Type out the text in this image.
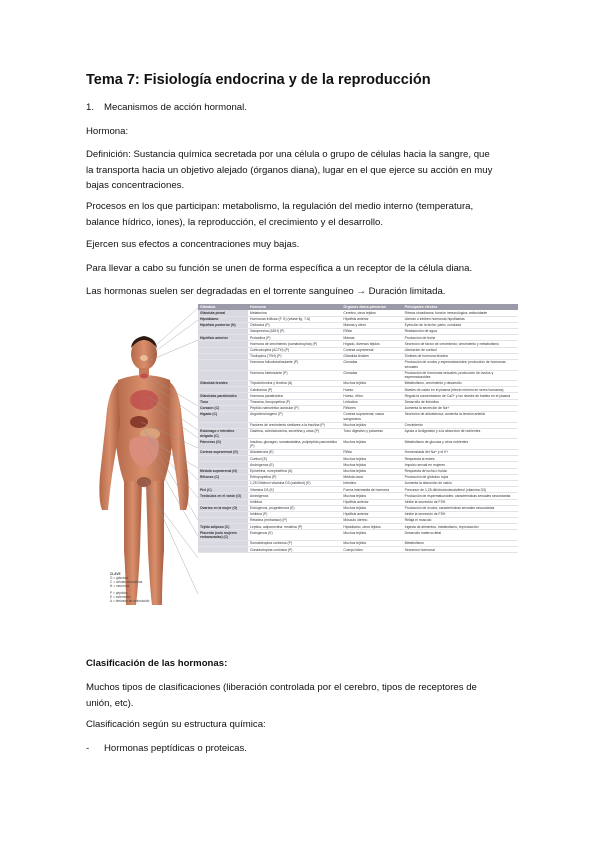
Tema 7: Fisiología endocrina y de la reproducción
1. Mecanismos de acción hormonal.
Hormona:
Definición: Sustancia química secretada por una célula o grupo de células hacia la sangre, que
la transporta hacia un objetivo alejado (órganos diana), lugar en el que ejerce su acción en muy
bajas concentraciones.
Procesos en los que participan: metabolismo, la regulación del medio interno (temperatura,
balance hídrico, iones), la reproducción, el crecimiento y el desarrollo.
Ejercen sus efectos a concentraciones muy bajas.
Para llevar a cabo su función se unen de forma específica a un receptor de la célula diana.
Las hormonas suelen ser degradadas en el torrente sanguíneo → Duración limitada.
CLAVE
G = glándula
C = células endocrinas
N = neuronas
P = péptidos
E = esteroides
A = derivado de aminoácido
Glándula	Hormona	Órganos diana primarios	Principales efectos
Glándula pineal	Melatonina	Cerebro, otros tejidos	Ritmos circadianos; función inmunológica; antioxidante
Hipotálamo	Hormonas tróficas (F. K) (véase fig. 7-6)	Hipófisis anterior	Liberan o inhiben hormonas hipofisarias
Hipófisis posterior (N)	Oxitocina (P)	Mamas y útero	Eyección de la leche; parto; conducta
	Vasopresina (ADH) (P)	Riñón	Reabsorción de agua
Hipófisis anterior	Prolactina (P)	Mamas	Producción de leche
	Hormona de crecimiento (somatotropina) (P)	Hígado, diversos tejidos	Secreción de factor de crecimiento; crecimiento y metabolismo
	Corticotropina (ACTH) (P)	Corteza suprarrenal	Liberación de cortisol
	Tirotropina (TSH) (P)	Glándula tiroides	Síntesis de hormona tiroidea
	Hormona foliculoestimulante (P)	Gónadas	Producción de ovulos y espermatozoides; producción de hormonas sexuales
	Hormona luteinizante (P)	Gónadas	Producción de hormonas sexuales; producción de óvulos y espermatozoides
Glándula tiroides	Triyodotironina y tiroxina (A)	Muchos tejidos	Metabolismo, crecimiento y desarrollo
	Calcitonina (P)	Hueso	Niveles de calcio en el plasma (efecto mínimo en seres humanos)
Glándulas paratiroides	Hormona paratiroidea	Hueso, riñón	Regula la concentración de Ca2+ y los niveles de fosfato en el plasma
Timo	Timosina, timopoyetina (P)	Linfocitos	Desarrollo de linfocitos
Corazón (C)	Péptido natriurético auricular (P)	Riñones	Aumenta la secreción de Na+
Hígado (C)	Angiotensinógeno (P)	Corteza suprarrenal, vasos sanguíneos	Secreción de aldosterona; aumenta la tensión arterial
	Factores de crecimiento similares a la insulina (P)	Muchos tejidos	Crecimiento
Estómago e intestino delgado (C)	Gastrina, colecistocinina, secretina y otras (P)	Tubo digestivo y páncreas	Ayuda a la digestión y a la absorción de nutrientes
Páncreas (G)	Insulina, glucagón, somatostatina, polipéptido pancreático (P)	Muchos tejidos	Metabolismo de glucosa y otros nutrientes
Corteza suprarrenal (G)	Aldosterona (E)	Riñón	Homeostasis del Na+ y el K+
	Cortisol (E)	Muchos tejidos	Respuesta al estrés
	Andrógenos (E)	Muchos tejidos	Impulso sexual en mujeres
Médula suprarrenal (N)	Epinefrina, norepinefrina (A)	Muchos tejidos	Respuesta de lucha o huida
Riñones (C)	Eritropoyetina (P)	Médula ósea	Producción de glóbulos rojos
	1,25 Dihidroxi vitamina D3 (calcitriol) (E)	Intestino	Aumenta la absorción de calcio
Piel (C)	Vitamina D3 (E)	Forma intermedia de hormona	Precursor de 1,25-dihidroxicolecalciferol (vitamina D3)
Testículos en el varón (G)	Andrógenos	Muchos tejidos	Producción de espermatozoides; características sexuales secundarias
	Inhibina	Hipófisis anterior	Inhibe la secreción de FSH
Ovarios en la mujer (G)	Estrógenos, progesterona (E)	Muchos tejidos	Producción de óvulos; características sexuales secundarias
	Inhibina (P)	Hipófisis anterior	Inhibe la secreción de FSH
	Relaxina (embarazo) (P)	Músculo uterino	Relaja el músculo
Tejido adiposo (C)	Leptina, adiponectina, resistina (P)	Hipotálamo, otros tejidos	Ingesta de alimentos, metabolismo, reproducción
Placenta (solo mujeres embarazadas) (C)	Estrógenos (E)	Muchos tejidos	Desarrollo materno-fetal
	Somatotropina coriónica (P)	Muchos tejidos	Metabolismo
	Gonadotropina coriónica (P)	Cuerpo lúteo	Secreción hormonal
Clasificación de las hormonas:
Muchos tipos de clasificaciones (liberación controlada por el cerebro, tipos de receptores de
unión, etc).
Clasificación según su estructura química:
- Hormonas peptídicas o proteicas.
